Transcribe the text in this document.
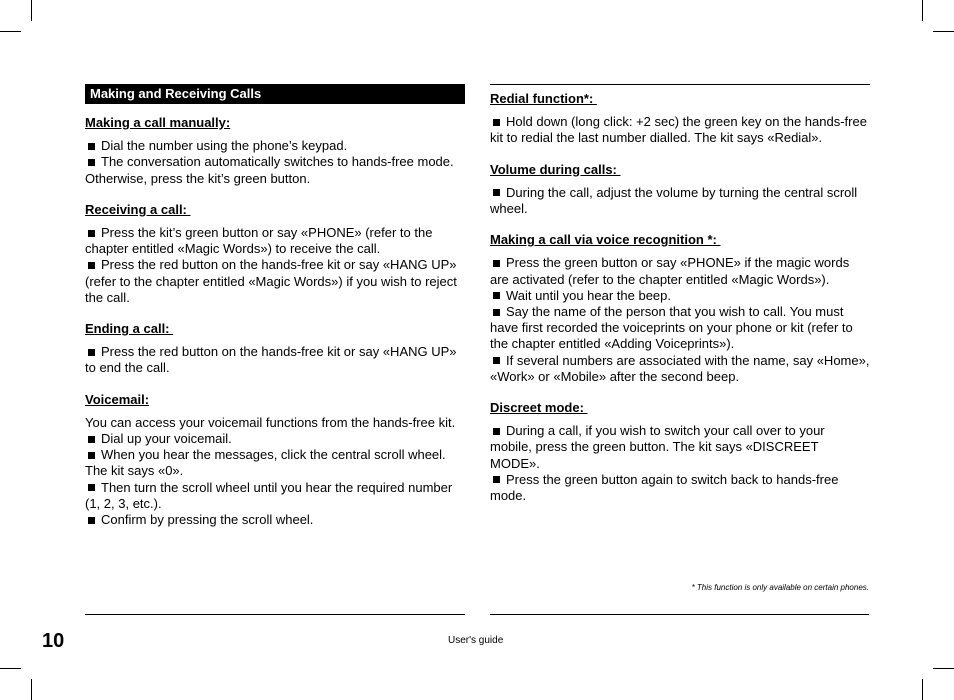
Making and Receiving Calls

Making a call manually:

Dial the number using the phone’s keypad.

The conversation automatically switches to hands-free mode. Otherwise, press the kit’s green button.

Receiving a call:

Press the kit’s green button or say «PHONE» (refer to the chapter entitled «Magic Words») to receive the call.

Press the red button on the hands-free kit or say «HANG UP» (refer to the chapter entitled «Magic Words») if you wish to reject the call.

Ending a call:

Press the red button on the hands-free kit or say «HANG UP» to end the call.

Voicemail:

You can access your voicemail functions from the hands-free kit.

Dial up your voicemail.

When you hear the messages, click the central scroll wheel. The kit says «0».

Then turn the scroll wheel until you hear the required number (1, 2, 3, etc.).

Confirm by pressing the scroll wheel.

Redial function*:

Hold down (long click: +2 sec) the green key on the hands-free kit to redial the last number dialled. The kit says «Redial».

Volume during calls:

During the call, adjust the volume by turning the central scroll wheel.

Making a call via voice recognition *:

Press the green button or say «PHONE» if the magic words are activated (refer to the chapter entitled «Magic Words»).

Wait until you hear the beep.

Say the name of the person that you wish to call. You must have first recorded the voiceprints on your phone or kit (refer to the chapter entitled «Adding Voiceprints»).

If several numbers are associated with the name, say «Home», «Work» or «Mobile» after the second beep.

Discreet mode:

During a call, if you wish to switch your call over to your mobile, press the green button. The kit says «DISCREET MODE».

Press the green button again to switch back to hands-free mode.

* This function is only available on certain phones.
10	User's guide
